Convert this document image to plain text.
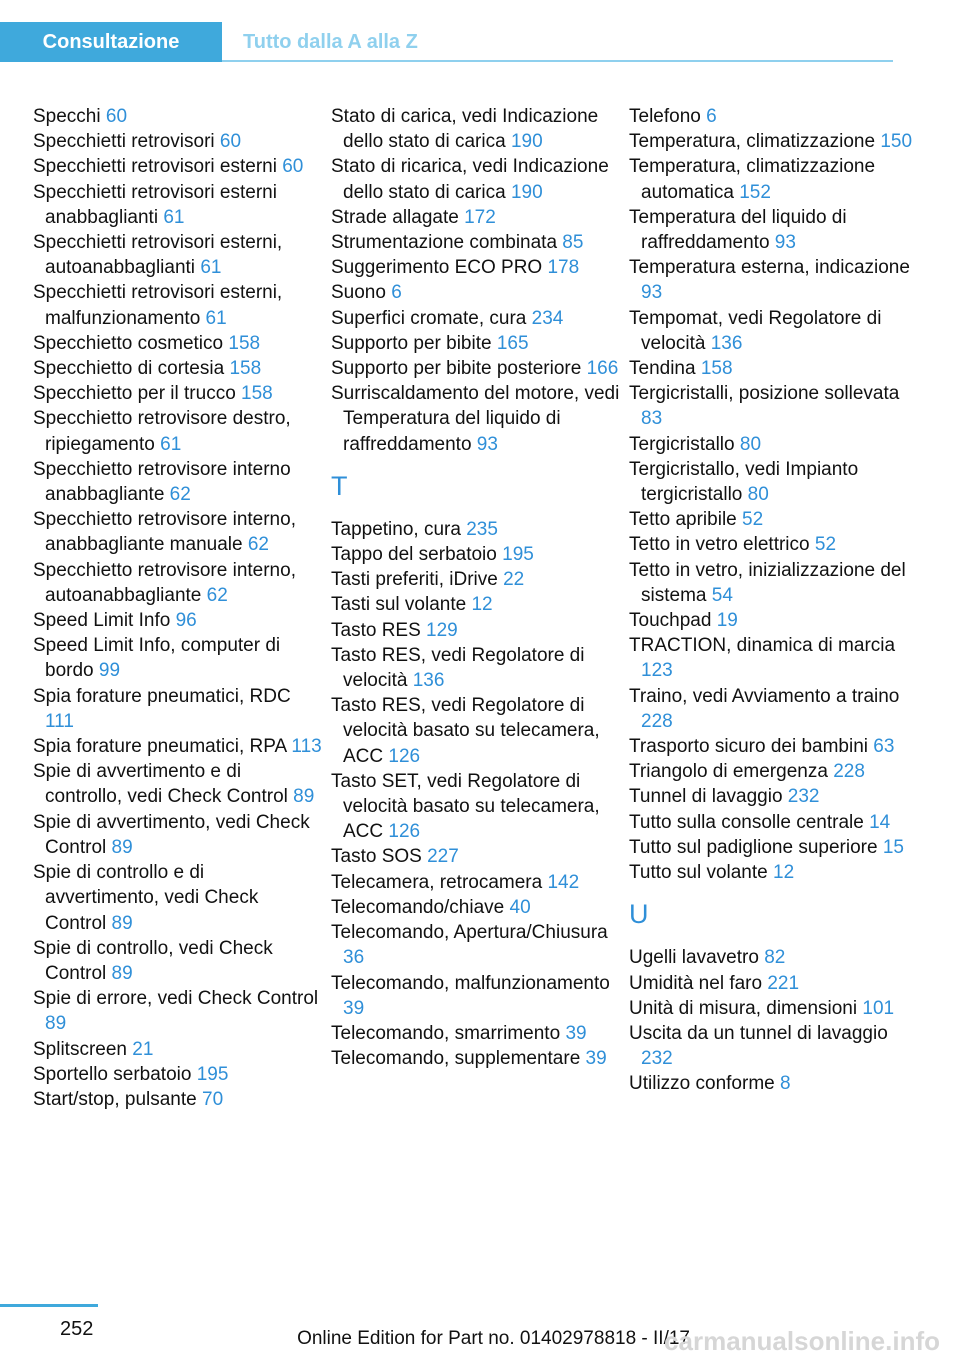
Consultazione	Tutto dalla A alla Z
Specchi 60
Specchietti retrovisori 60
Specchietti retrovisori esterni 60
Specchietti retrovisori esterni anabbaglianti 61
Specchietti retrovisori esterni, autoanabbaglianti 61
Specchietti retrovisori esterni, malfunzionamento 61
Specchietto cosmetico 158
Specchietto di cortesia 158
Specchietto per il trucco 158
Specchietto retrovisore destro, ripiegamento 61
Specchietto retrovisore interno anabbagliante 62
Specchietto retrovisore interno, anabbagliante manuale 62
Specchietto retrovisore interno, autoanabbagliante 62
Speed Limit Info 96
Speed Limit Info, computer di bordo 99
Spia forature pneumatici, RDC 111
Spia forature pneumatici, RPA 113
Spie di avvertimento e di controllo, vedi Check Control 89
Spie di avvertimento, vedi Check Control 89
Spie di controllo e di avvertimento, vedi Check Control 89
Spie di controllo, vedi Check Control 89
Spie di errore, vedi Check Control 89
Splitscreen 21
Sportello serbatoio 195
Start/stop, pulsante 70
Stato di carica, vedi Indicazione dello stato di carica 190
Stato di ricarica, vedi Indicazione dello stato di carica 190
Strade allagate 172
Strumentazione combinata 85
Suggerimento ECO PRO 178
Suono 6
Superfici cromate, cura 234
Supporto per bibite 165
Supporto per bibite posteriore 166
Surriscaldamento del motore, vedi Temperatura del liquido di raffreddamento 93
T
Tappetino, cura 235
Tappo del serbatoio 195
Tasti preferiti, iDrive 22
Tasti sul volante 12
Tasto RES 129
Tasto RES, vedi Regolatore di velocità 136
Tasto RES, vedi Regolatore di velocità basato su telecamera, ACC 126
Tasto SET, vedi Regolatore di velocità basato su telecamera, ACC 126
Tasto SOS 227
Telecamera, retrocamera 142
Telecomando/chiave 40
Telecomando, Apertura/Chiusura 36
Telecomando, malfunzionamento 39
Telecomando, smarrimento 39
Telecomando, supplementare 39
Telefono 6
Temperatura, climatizzazione 150
Temperatura, climatizzazione automatica 152
Temperatura del liquido di raffreddamento 93
Temperatura esterna, indicazione 93
Tempomat, vedi Regolatore di velocità 136
Tendina 158
Tergicristalli, posizione sollevata 83
Tergicristallo 80
Tergicristallo, vedi Impianto tergicristallo 80
Tetto apribile 52
Tetto in vetro elettrico 52
Tetto in vetro, inizializzazione del sistema 54
Touchpad 19
TRACTION, dinamica di marcia 123
Traino, vedi Avviamento a traino 228
Trasporto sicuro dei bambini 63
Triangolo di emergenza 228
Tunnel di lavaggio 232
Tutto sulla consolle centrale 14
Tutto sul padiglione superiore 15
Tutto sul volante 12
U
Ugelli lavavetro 82
Umidità nel faro 221
Unità di misura, dimensioni 101
Uscita da un tunnel di lavaggio 232
Utilizzo conforme 8
252	Online Edition for Part no. 01402978818 - II/17
carmanualsonline.info
